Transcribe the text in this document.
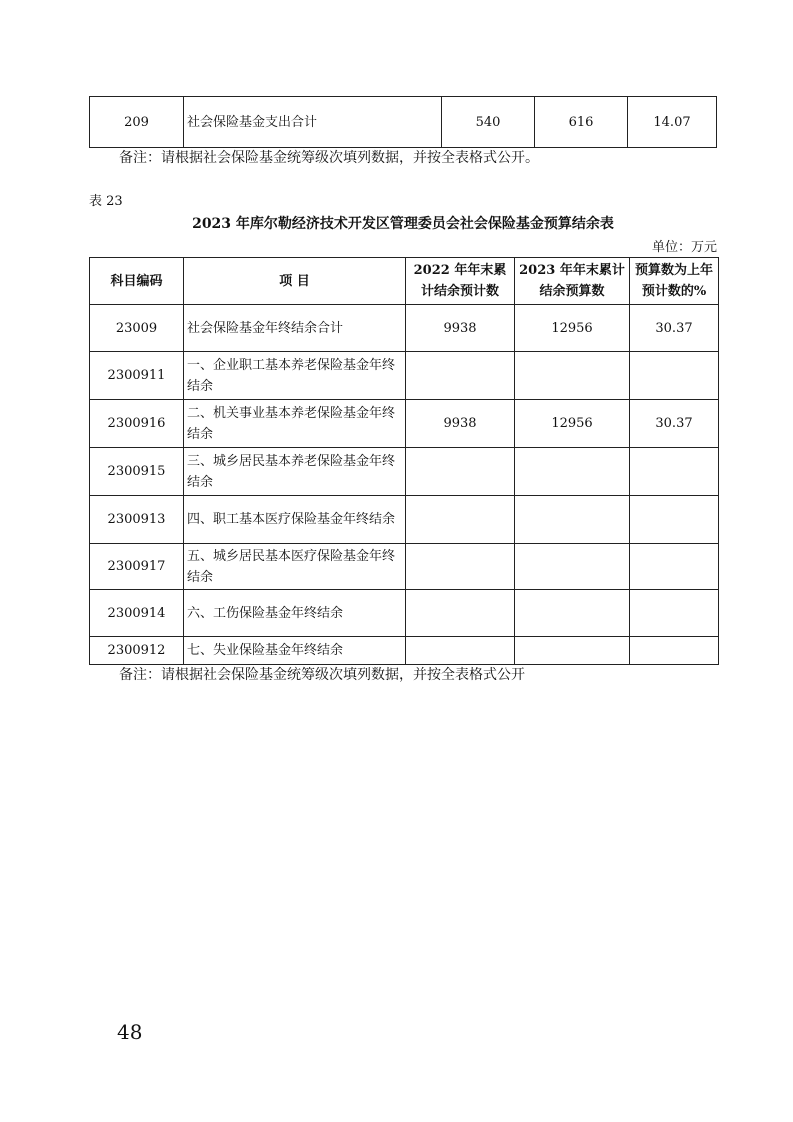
209	社会保险基金支出合计	540	616	14.07
备注：请根据社会保险基金统筹级次填列数据，并按全表格式公开。
表 23
2023 年库尔勒经济技术开发区管理委员会社会保险基金预算结余表
单位：万元
科目编码	项 目	2022 年年末累计结余预计数	2023 年年末累计结余预算数	预算数为上年预计数的%
23009	社会保险基金年终结余合计	9938	12956	30.37
2300911	一、企业职工基本养老保险基金年终结余			
2300916	二、机关事业基本养老保险基金年终结余	9938	12956	30.37
2300915	三、城乡居民基本养老保险基金年终结余			
2300913	四、职工基本医疗保险基金年终结余			
2300917	五、城乡居民基本医疗保险基金年终结余			
2300914	六、工伤保险基金年终结余			
2300912	七、失业保险基金年终结余			
备注：请根据社会保险基金统筹级次填列数据，并按全表格式公开
48
